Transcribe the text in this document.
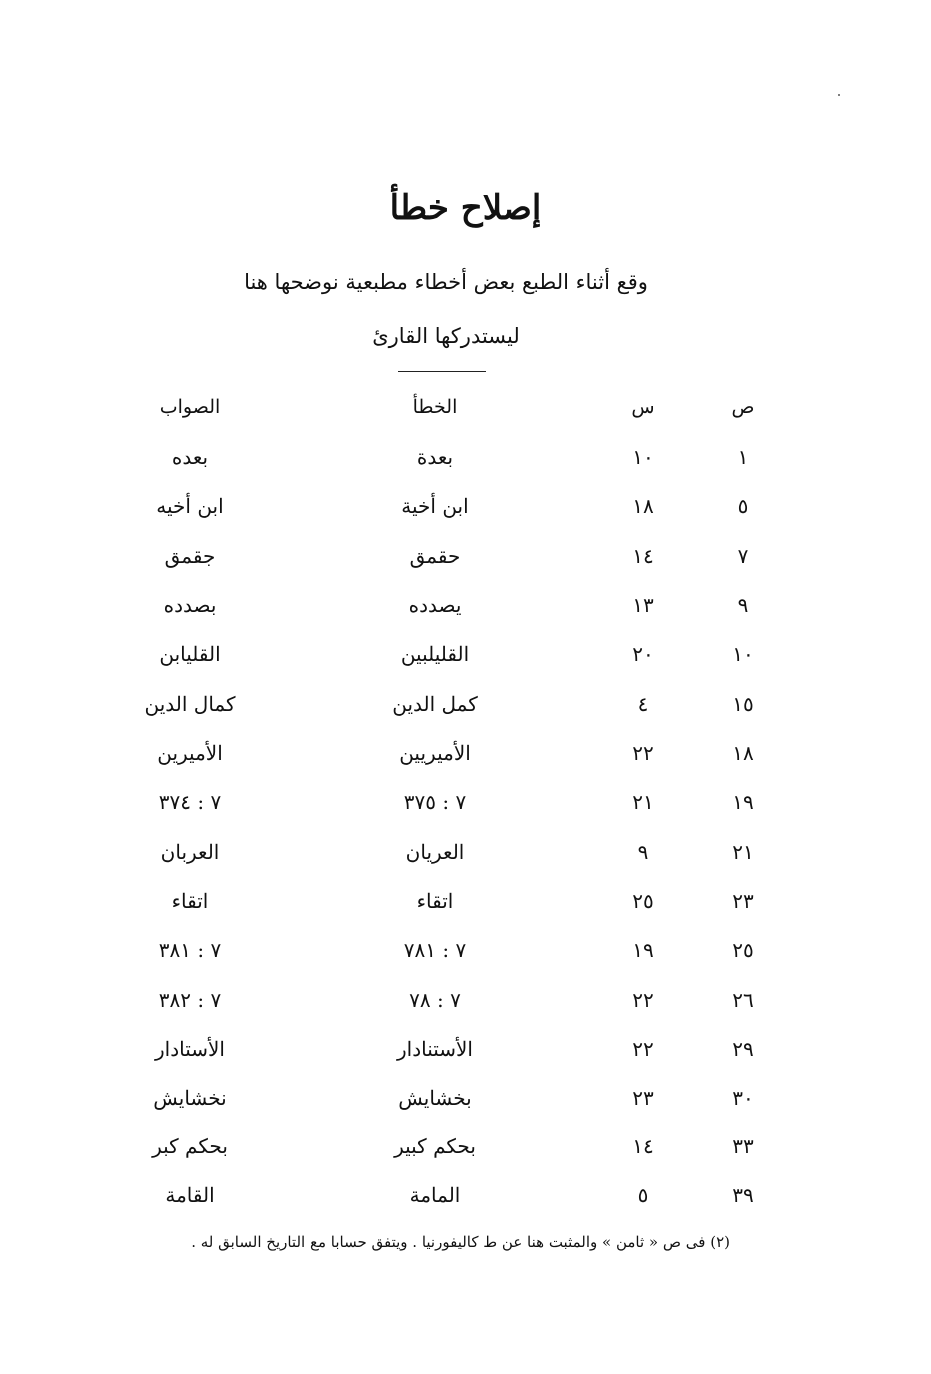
إصلاح خطأ
وقع أثناء الطبع بعض أخطاء مطبعية نوضحها هنا
ليستدركها القارئ
ص
س
الخطأ
الصواب
١
١٠
بعدة
بعده
٥
١٨
ابن أخية
ابن أخيه
٧
١٤
حقمق
جقمق
٩
١٣
يصدده
بصدده
١٠
٢٠
القليلبين
القليابن
١٥
٤
كمل الدين
كمال الدين
١٨
٢٢
الأميريين
الأميرين
١٩
٢١
٧ : ٣٧٥
٧ : ٣٧٤
٢١
٩
العريان
العربان
٢٣
٢٥
اتقاء
اتقاء
٢٥
١٩
٧ : ٧٨١
٧ : ٣٨١
٢٦
٢٢
٧ : ٧٨
٧ : ٣٨٢
٢٩
٢٢
الأستنادار
الأستادار
٣٠
٢٣
بخشايش
نخشايش
٣٣
١٤
بحكم كبير
بحكم كبر
٣٩
٥
المامة
القامة
(٢) فى ص « ثامن » والمثبت هنا عن ط كاليفورنيا . ويتفق حسابا مع التاريخ السابق له .
